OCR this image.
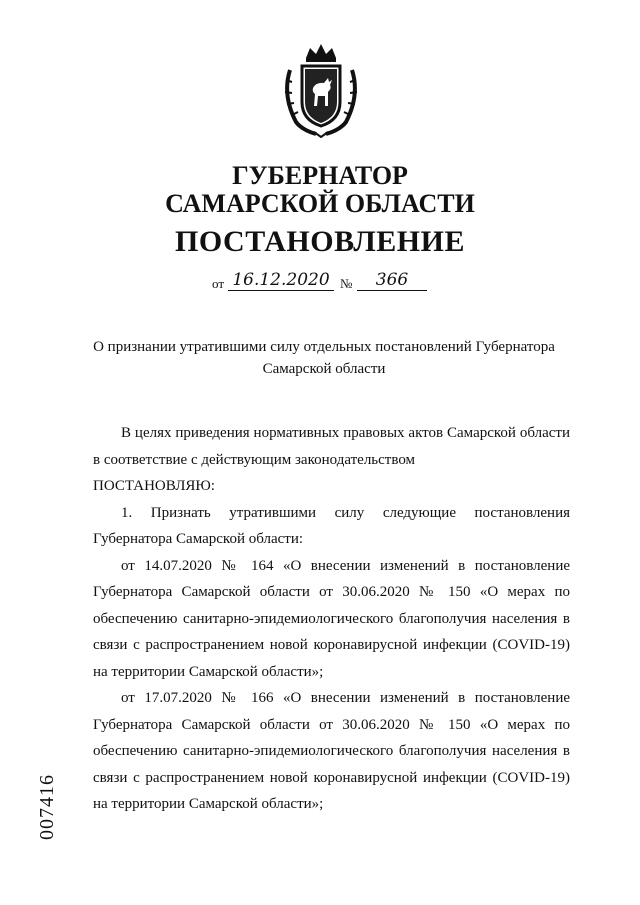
ГУБЕРНАТОР
САМАРСКОЙ ОБЛАСТИ
ПОСТАНОВЛЕНИЕ
от 16.12.2020 №	366

О признании утратившими силу отдельных постановлений Губернатора Самарской области

В целях приведения нормативных правовых актов Самарской области в соответствие с действующим законодательством

ПОСТАНОВЛЯЮ:

1. Признать утратившими силу следующие постановления Губернатора Самарской области:

от 14.07.2020 № 164 «О внесении изменений в постановление Губернатора Самарской области от 30.06.2020 № 150 «О мерах по обеспечению санитарно-эпидемиологического благополучия населения в связи с распространением новой коронавирусной инфекции (COVID-19) на территории Самарской области»;

от 17.07.2020 № 166 «О внесении изменений в постановление Губернатора Самарской области от 30.06.2020 № 150 «О мерах по обеспечению санитарно-эпидемиологического благополучия населения в связи с распространением новой коронавирусной инфекции (COVID-19) на территории Самарской области»;

007416
